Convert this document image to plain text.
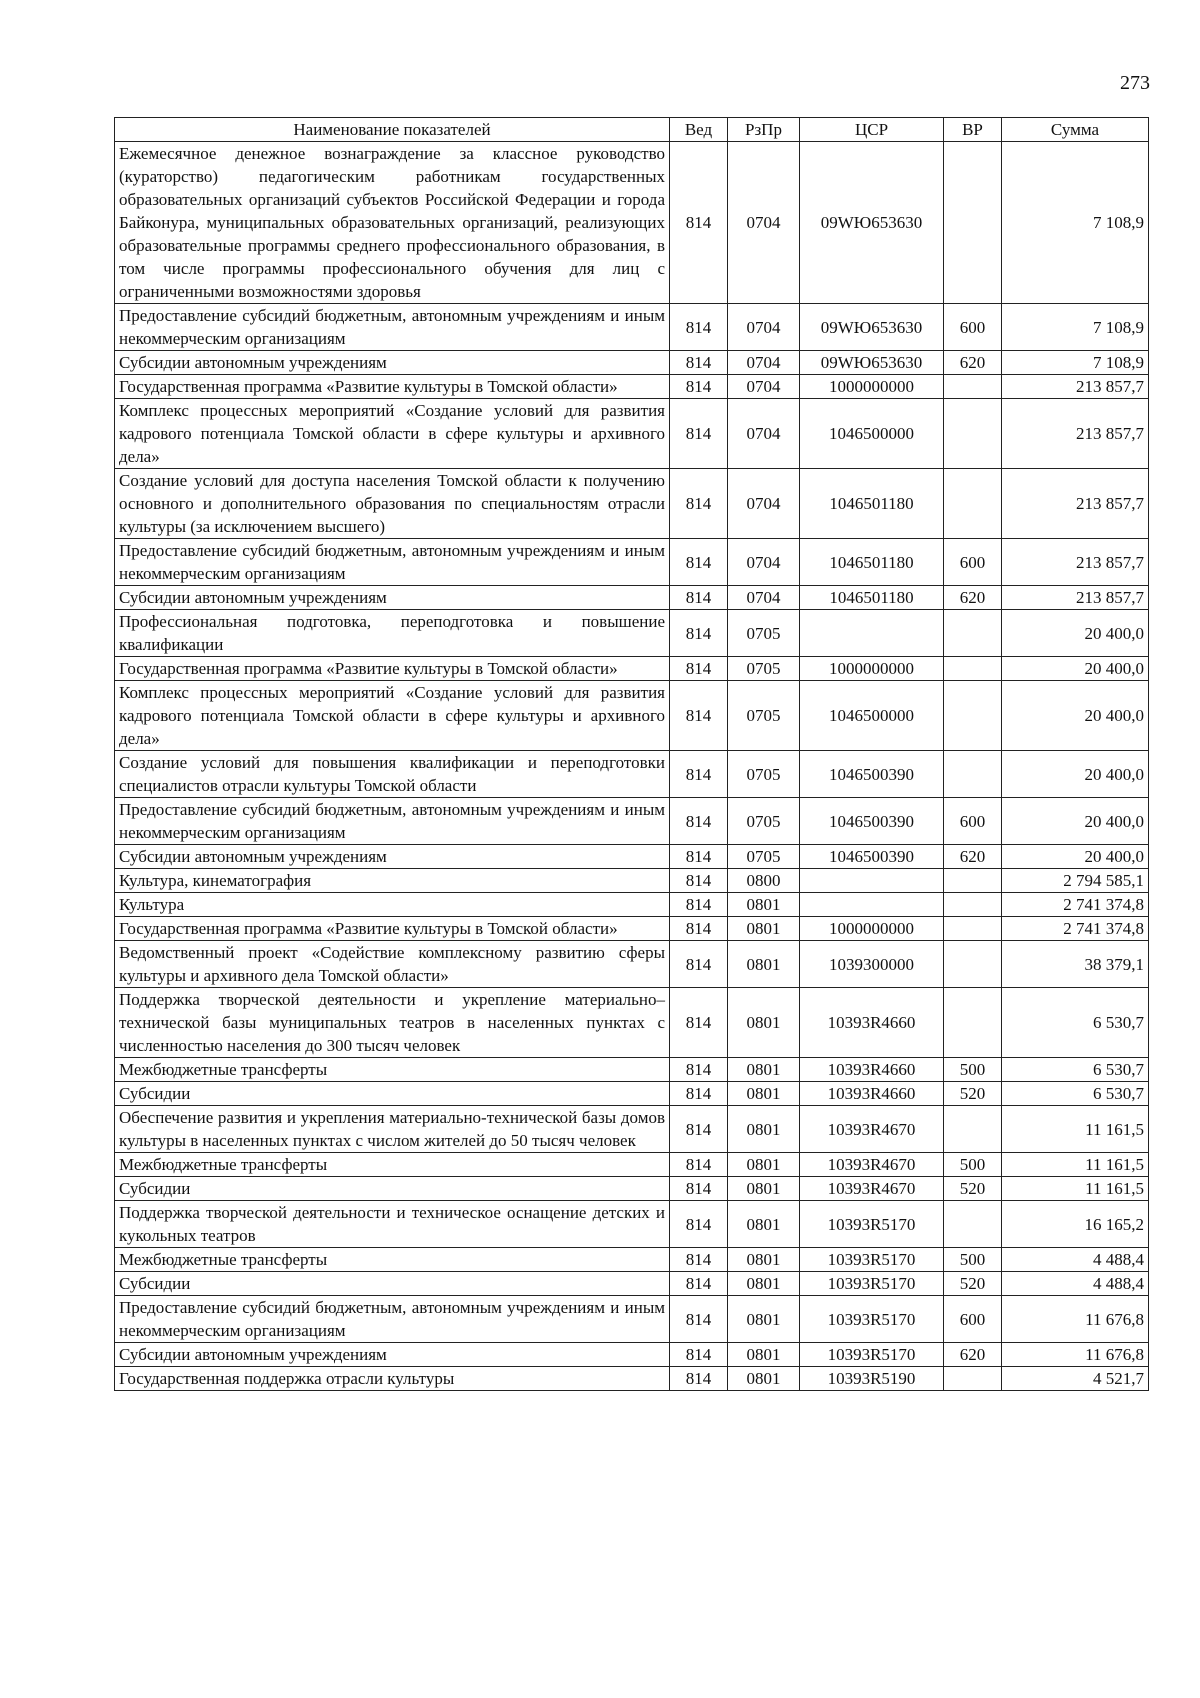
273
Наименование показателей	Вед	РзПр	ЦСР	ВР	Сумма
Ежемесячное денежное вознаграждение за классное руководство (кураторство) педагогическим работникам государственных образовательных организаций субъектов Российской Федерации и города Байконура, муниципальных образовательных организаций, реализующих образовательные программы среднего профессионального образования, в том числе программы профессионального обучения для лиц с ограниченными возможностями здоровья	814	0704	09WЮ653630		7 108,9
Предоставление субсидий бюджетным, автономным учреждениям и иным некоммерческим организациям	814	0704	09WЮ653630	600	7 108,9
Субсидии автономным учреждениям	814	0704	09WЮ653630	620	7 108,9
Государственная программа «Развитие культуры в Томской области»	814	0704	1000000000		213 857,7
Комплекс процессных мероприятий «Создание условий для развития кадрового потенциала Томской области в сфере культуры и архивного дела»	814	0704	1046500000		213 857,7
Создание условий для доступа населения Томской области к получению основного и дополнительного образования по специальностям отрасли культуры (за исключением высшего)	814	0704	1046501180		213 857,7
Предоставление субсидий бюджетным, автономным учреждениям и иным некоммерческим организациям	814	0704	1046501180	600	213 857,7
Субсидии автономным учреждениям	814	0704	1046501180	620	213 857,7
Профессиональная подготовка, переподготовка и повышение квалификации	814	0705			20 400,0
Государственная программа «Развитие культуры в Томской области»	814	0705	1000000000		20 400,0
Комплекс процессных мероприятий «Создание условий для развития кадрового потенциала Томской области в сфере культуры и архивного дела»	814	0705	1046500000		20 400,0
Создание условий для повышения квалификации и переподготовки специалистов отрасли культуры Томской области	814	0705	1046500390		20 400,0
Предоставление субсидий бюджетным, автономным учреждениям и иным некоммерческим организациям	814	0705	1046500390	600	20 400,0
Субсидии автономным учреждениям	814	0705	1046500390	620	20 400,0
Культура, кинематография	814	0800			2 794 585,1
Культура	814	0801			2 741 374,8
Государственная программа «Развитие культуры в Томской области»	814	0801	1000000000		2 741 374,8
Ведомственный проект «Содействие комплексному развитию сферы культуры и архивного дела Томской области»	814	0801	1039300000		38 379,1
Поддержка творческой деятельности и укрепление материально–технической базы муниципальных театров в населенных пунктах с численностью населения до 300 тысяч человек	814	0801	10393R4660		6 530,7
Межбюджетные трансферты	814	0801	10393R4660	500	6 530,7
Субсидии	814	0801	10393R4660	520	6 530,7
Обеспечение развития и укрепления материально-технической базы домов культуры в населенных пунктах с числом жителей до 50 тысяч человек	814	0801	10393R4670		11 161,5
Межбюджетные трансферты	814	0801	10393R4670	500	11 161,5
Субсидии	814	0801	10393R4670	520	11 161,5
Поддержка творческой деятельности и техническое оснащение детских и кукольных театров	814	0801	10393R5170		16 165,2
Межбюджетные трансферты	814	0801	10393R5170	500	4 488,4
Субсидии	814	0801	10393R5170	520	4 488,4
Предоставление субсидий бюджетным, автономным учреждениям и иным некоммерческим организациям	814	0801	10393R5170	600	11 676,8
Субсидии автономным учреждениям	814	0801	10393R5170	620	11 676,8
Государственная поддержка отрасли культуры	814	0801	10393R5190		4 521,7
